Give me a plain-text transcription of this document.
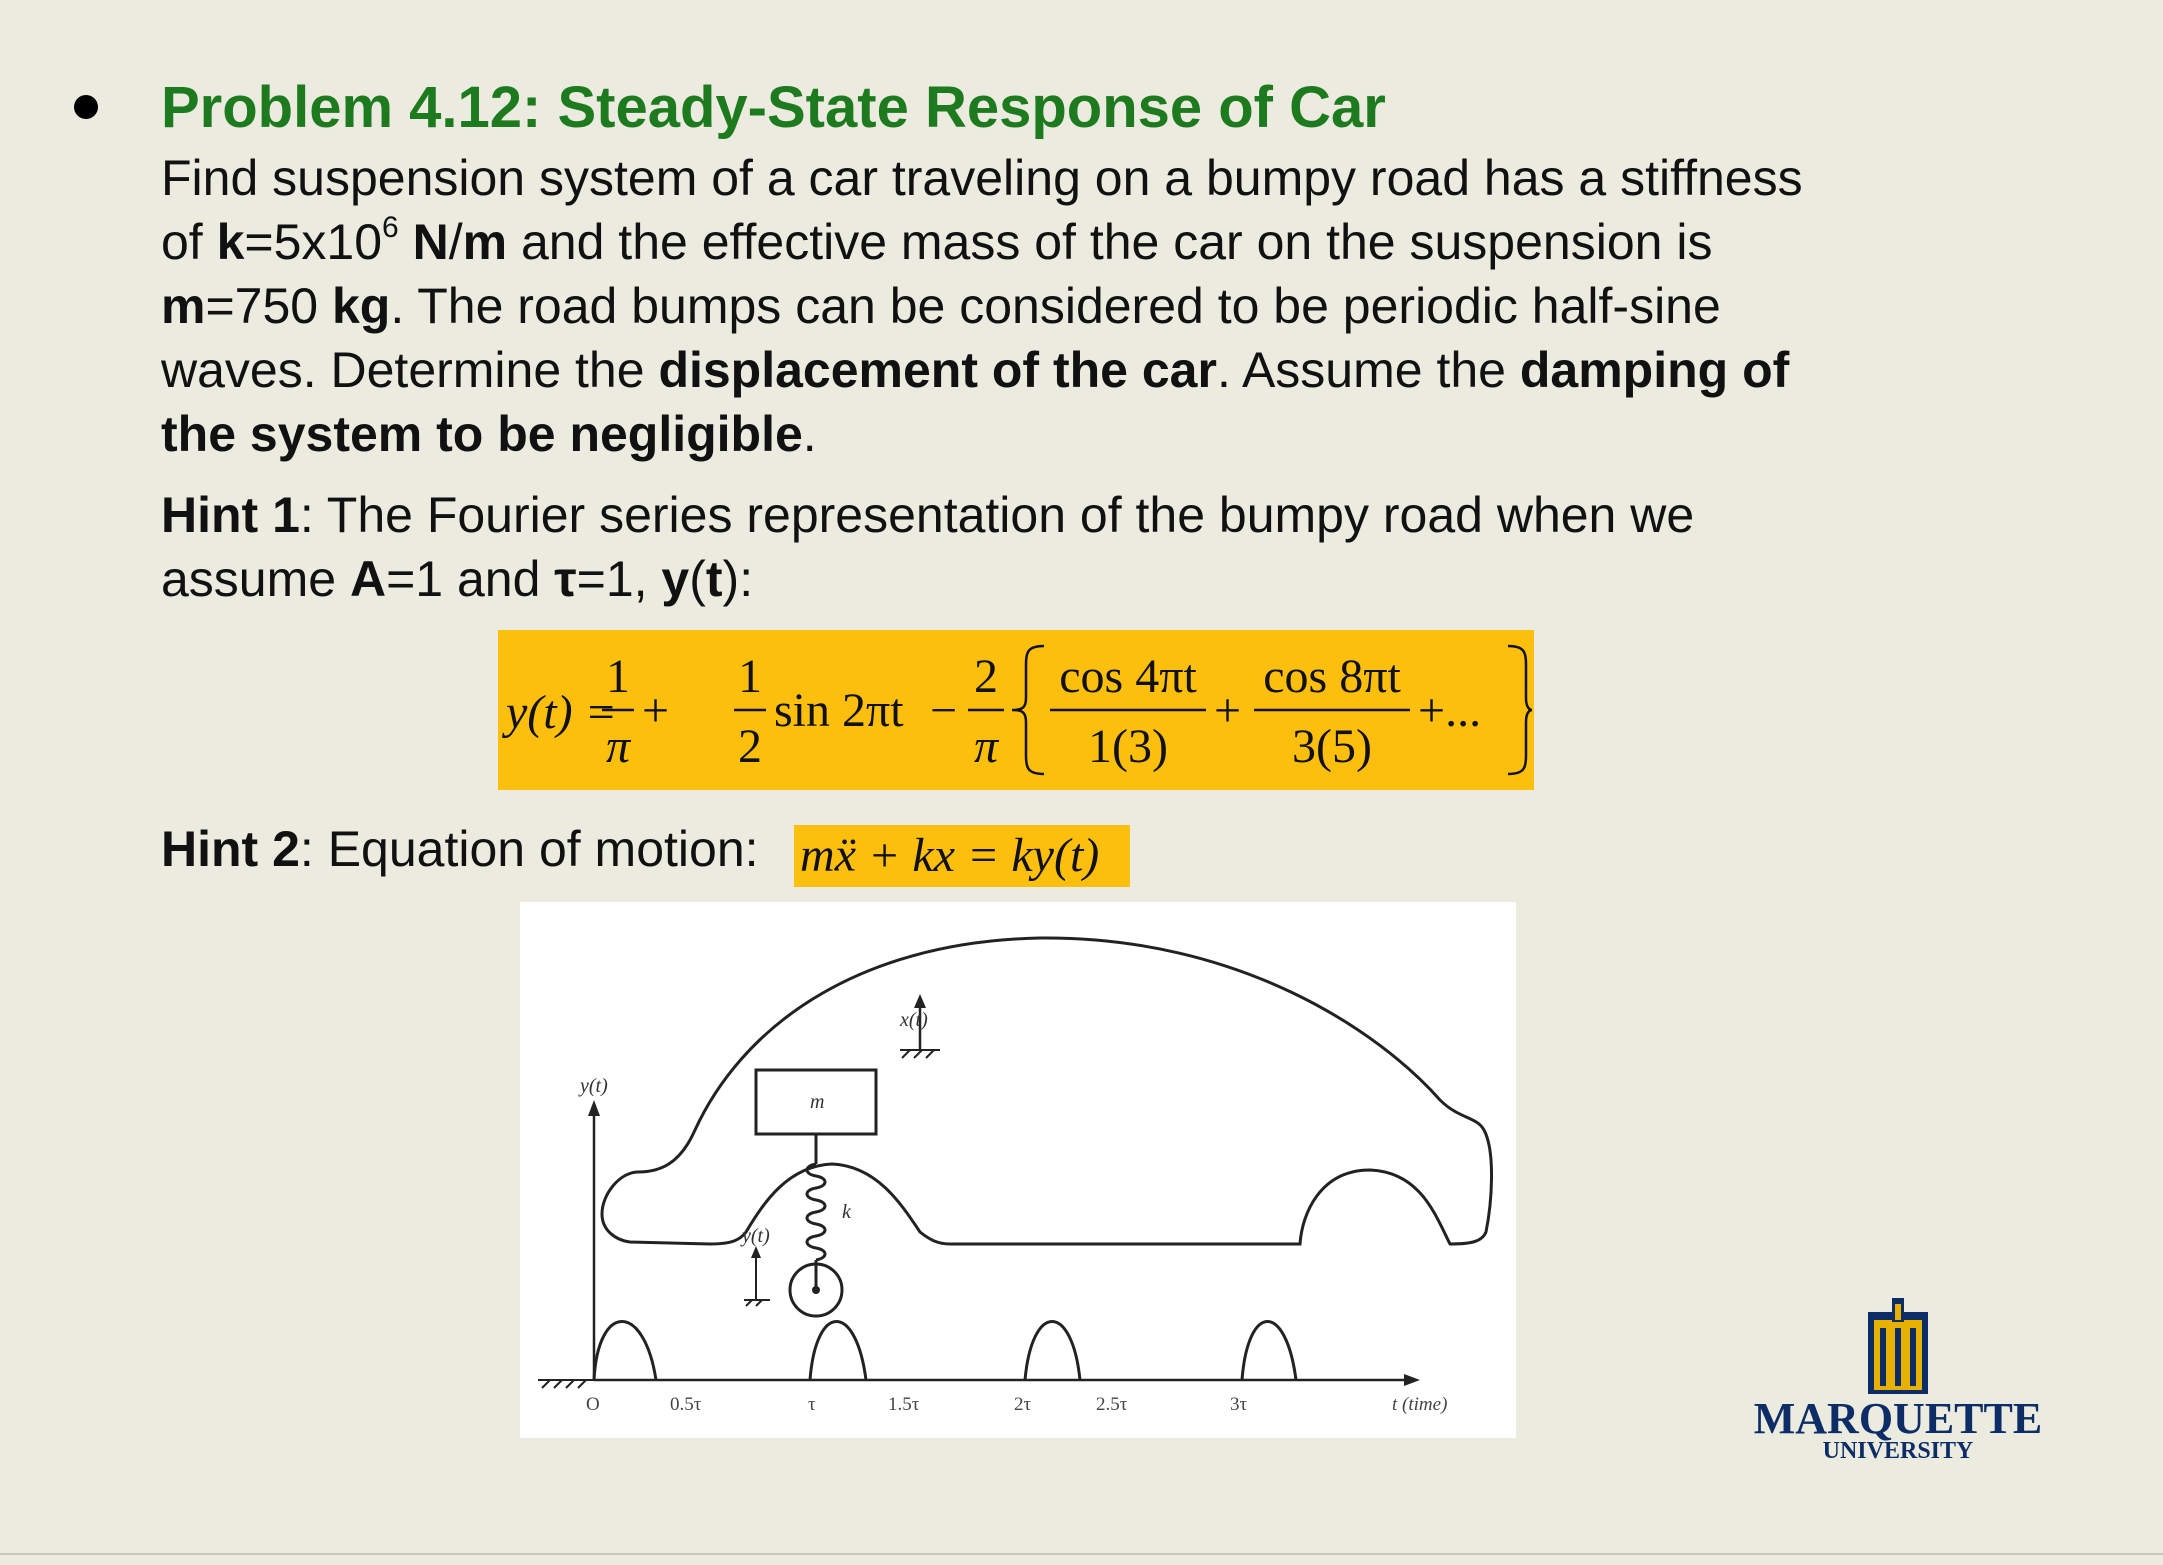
Problem 4.12: Steady-State Response of Car
Find suspension system of a car traveling on a bumpy road has a stiffness
of $k=5x10^6$ N/m and the effective mass of the car on the suspension is
m=750 kg. The road bumps can be considered to be periodic half-sine
waves. Determine the displacement of the car. Assume the damping of
the system to be negligible.
Hint 1: The Fourier series representation of the bumpy road when we
assume A=1 and τ=1, y(t):
y(t) =
1
π
+
1
2
sin 2πt −
2
π
cos 4πt
1(3)
+
cos 8πt
3(5)
+...
Hint 2: Equation of motion: mẍ + kx = ky(t)
x(t)
y(t)
m
k
y(t)
O	0.5τ	τ	1.5τ	2τ	2.5τ	3τ	t (time)	MARQUETTE
UNIVERSITY
